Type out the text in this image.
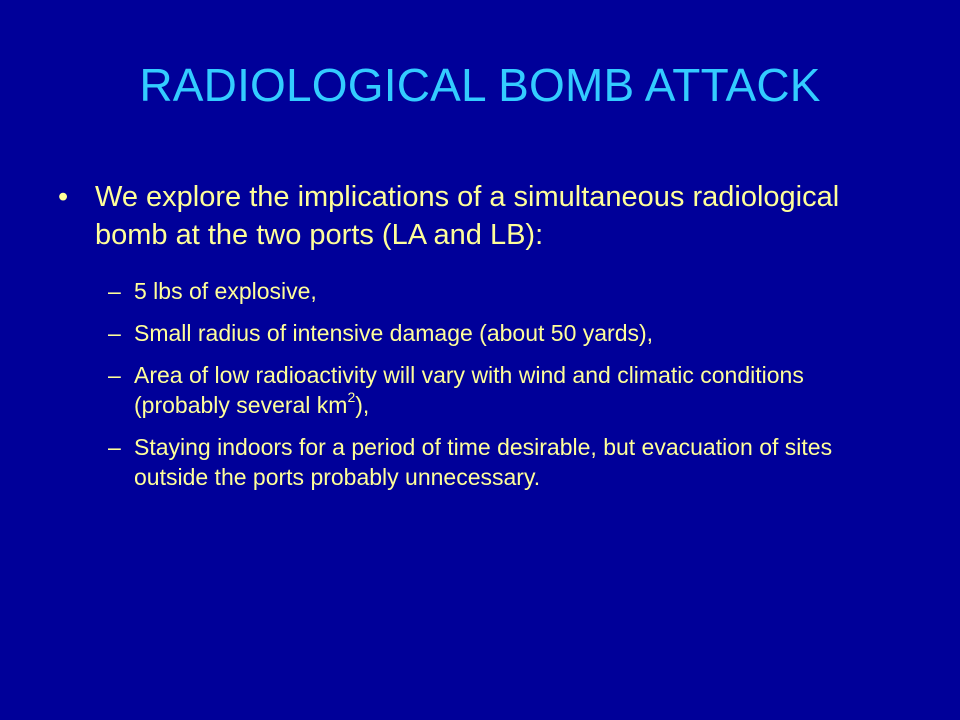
RADIOLOGICAL BOMB ATTACK
• We explore the implications of a simultaneous radiological bomb at the two ports (LA and LB):
– 5 lbs of explosive,
– Small radius of intensive damage (about 50 yards),
– Area of low radioactivity will vary with wind and climatic conditions (probably several $km^2$),
– Staying indoors for a period of time desirable, but evacuation of sites outside the ports probably unnecessary.
